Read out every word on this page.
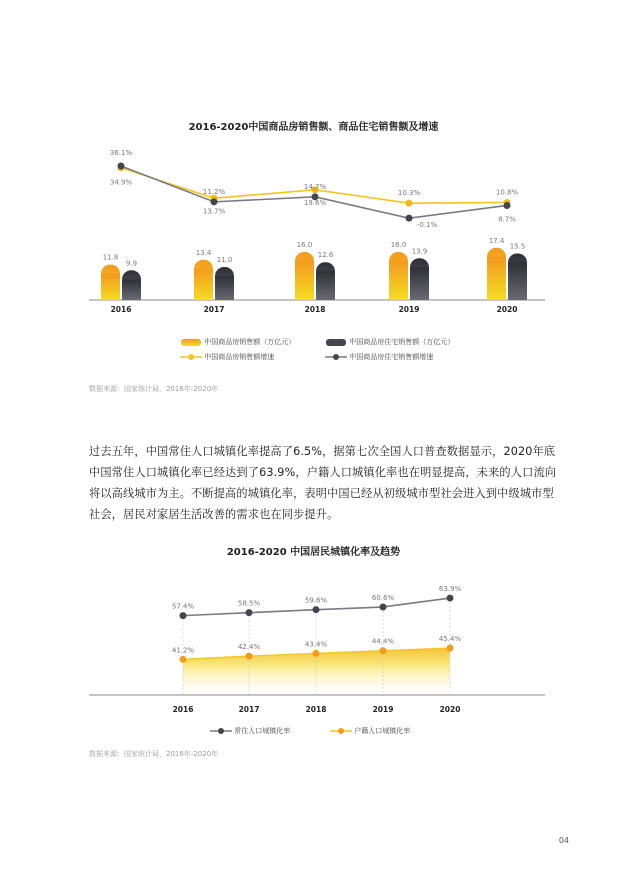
2016-2020中国商品房销售额、商品住宅销售额及增速
11.8
9.9
2016
13.4
11.0
2017
16.0
12.6
2018
16.0
13.9
2019
17.4
15.5
2020
34.9%
36.1%
13.7%
11.2%
19.6%
14.7%
10.3%
-0.1%
10.8%
8.7%
中国商品房销售额（万亿元）	中国商品房住宅销售额（万亿元）
中国商品房销售额增速	中国商品房住宅销售额增速
数据来源：国家统计局，2016年-2020年
过去五年，中国常住人口城镇化率提高了6.5%，据第七次全国人口普查数据显示，2020年底中国常住人口城镇化率已经达到了63.9%，户籍人口城镇化率也在明显提高，未来的人口流向将以高线城市为主。不断提高的城镇化率，表明中国已经从初级城市型社会进入到中级城市型社会，居民对家居生活改善的需求也在同步提升。
2016-2020 中国居民城镇化率及趋势
57.4%
41.2%
2016
58.5%
42.4%
2017
59.6%
43.4%
2018
60.6%
44.4%
2019
63.9%
45.4%
2020
常住人口城镇化率	户籍人口城镇化率
数据来源：国家统计局，2016年-2020年
04
